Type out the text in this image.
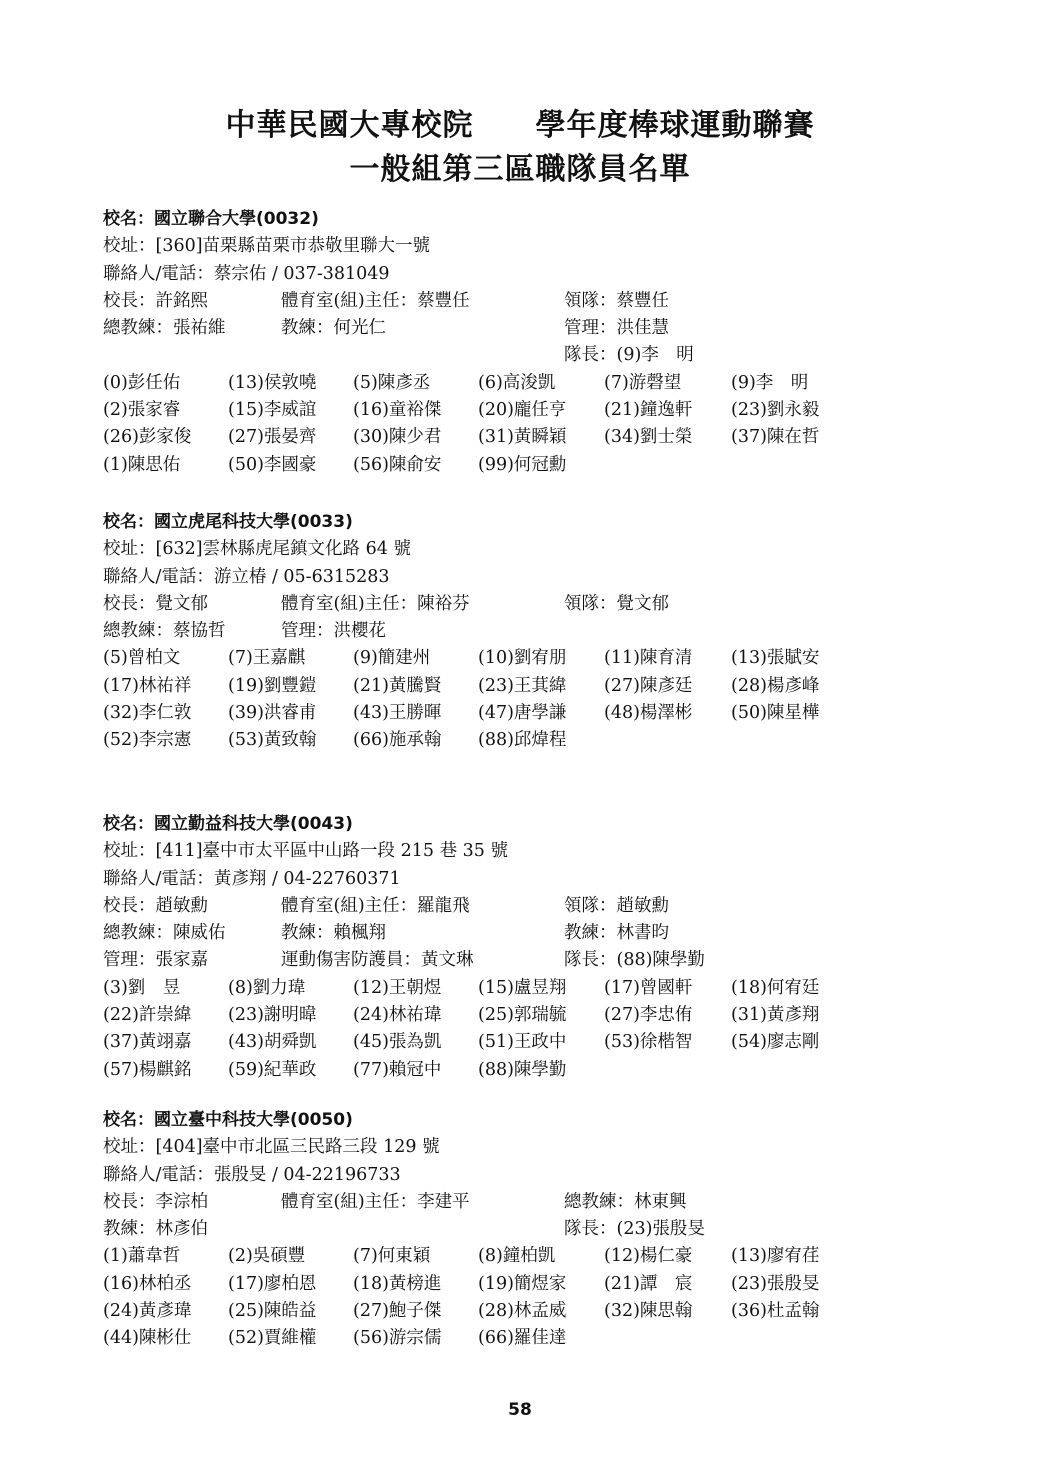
中華民國大專校院　　學年度棒球運動聯賽
一般組第三區職隊員名單
校名：國立聯合大學(0032)
校址：[360]苗栗縣苗栗市恭敬里聯大一號
聯絡人/電話：蔡宗佑 / 037-381049
校長：許銘熙	體育室(組)主任：蔡豐任	領隊：蔡豐任
總教練：張祐維	教練：何光仁	管理：洪佳慧
隊長：(9)李　明
(0)彭任佑	(13)侯敦嘵 (5)陳彥丞	(6)高浚凱	(7)游磬望	(9)李　明
(2)張家睿	(15)李威誼 (16)童裕傑 (20)龐任亨 (21)鐘逸軒 (23)劉永毅
(26)彭家俊 (27)張晏齊 (30)陳少君 (31)黃瞬穎 (34)劉士榮 (37)陳在哲
(1)陳思佑	(50)李國豪 (56)陳俞安 (99)何冠勳
校名：國立虎尾科技大學(0033)
校址：[632]雲林縣虎尾鎮文化路 64 號
聯絡人/電話：游立椿 / 05-6315283
校長：覺文郁	體育室(組)主任：陳裕芬	領隊：覺文郁
總教練：蔡協哲	管理：洪櫻花
(5)曾柏文	(7)王嘉麒	(9)簡建州	(10)劉宥朋 (11)陳育清 (13)張賦安
(17)林祐祥 (19)劉豐鎧 (21)黃騰賢 (23)王萁緯 (27)陳彥廷 (28)楊彥峰
(32)李仁敦 (39)洪睿甫 (43)王勝暉 (47)唐學謙 (48)楊澤彬 (50)陳星樺
(52)李宗憲 (53)黃致翰 (66)施承翰 (88)邱煒程
校名：國立勤益科技大學(0043)
校址：[411]臺中市太平區中山路一段 215 巷 35 號
聯絡人/電話：黃彥翔 / 04-22760371
校長：趙敏勳	體育室(組)主任：羅龍飛	領隊：趙敏勳
總教練：陳威佑	教練：賴楓翔	教練：林書昀
管理：張家嘉	運動傷害防護員：黃文琳	隊長：(88)陳學勤
(3)劉　昱	(8)劉力瑋	(12)王朝煜 (15)盧昱翔 (17)曾國軒 (18)何宥廷
(22)許崇緯 (23)謝明暐 (24)林祐瑋 (25)郭瑞毓 (27)李忠侑 (31)黃彥翔
(37)黃翊嘉 (43)胡舜凱 (45)張為凱 (51)王政中 (53)徐楷智 (54)廖志剛
(57)楊麒銘 (59)紀華政 (77)賴冠中 (88)陳學勤
校名：國立臺中科技大學(0050)
校址：[404]臺中市北區三民路三段 129 號
聯絡人/電話：張殷旻 / 04-22196733
校長：李淙柏	體育室(組)主任：李建平	總教練：林東興
教練：林彥伯	隊長：(23)張殷旻
(1)蕭韋哲	(2)吳碩豐	(7)何東穎	(8)鐘柏凱	(12)楊仁豪 (13)廖宥荏
(16)林柏丞 (17)廖柏恩 (18)黃榜進 (19)簡煜家 (21)譚　宸 (23)張殷旻
(24)黃彥瑋 (25)陳皓益 (27)鮑子傑 (28)林孟威 (32)陳思翰 (36)杜孟翰
(44)陳彬仕 (52)賈維權 (56)游宗儒 (66)羅佳達
58
